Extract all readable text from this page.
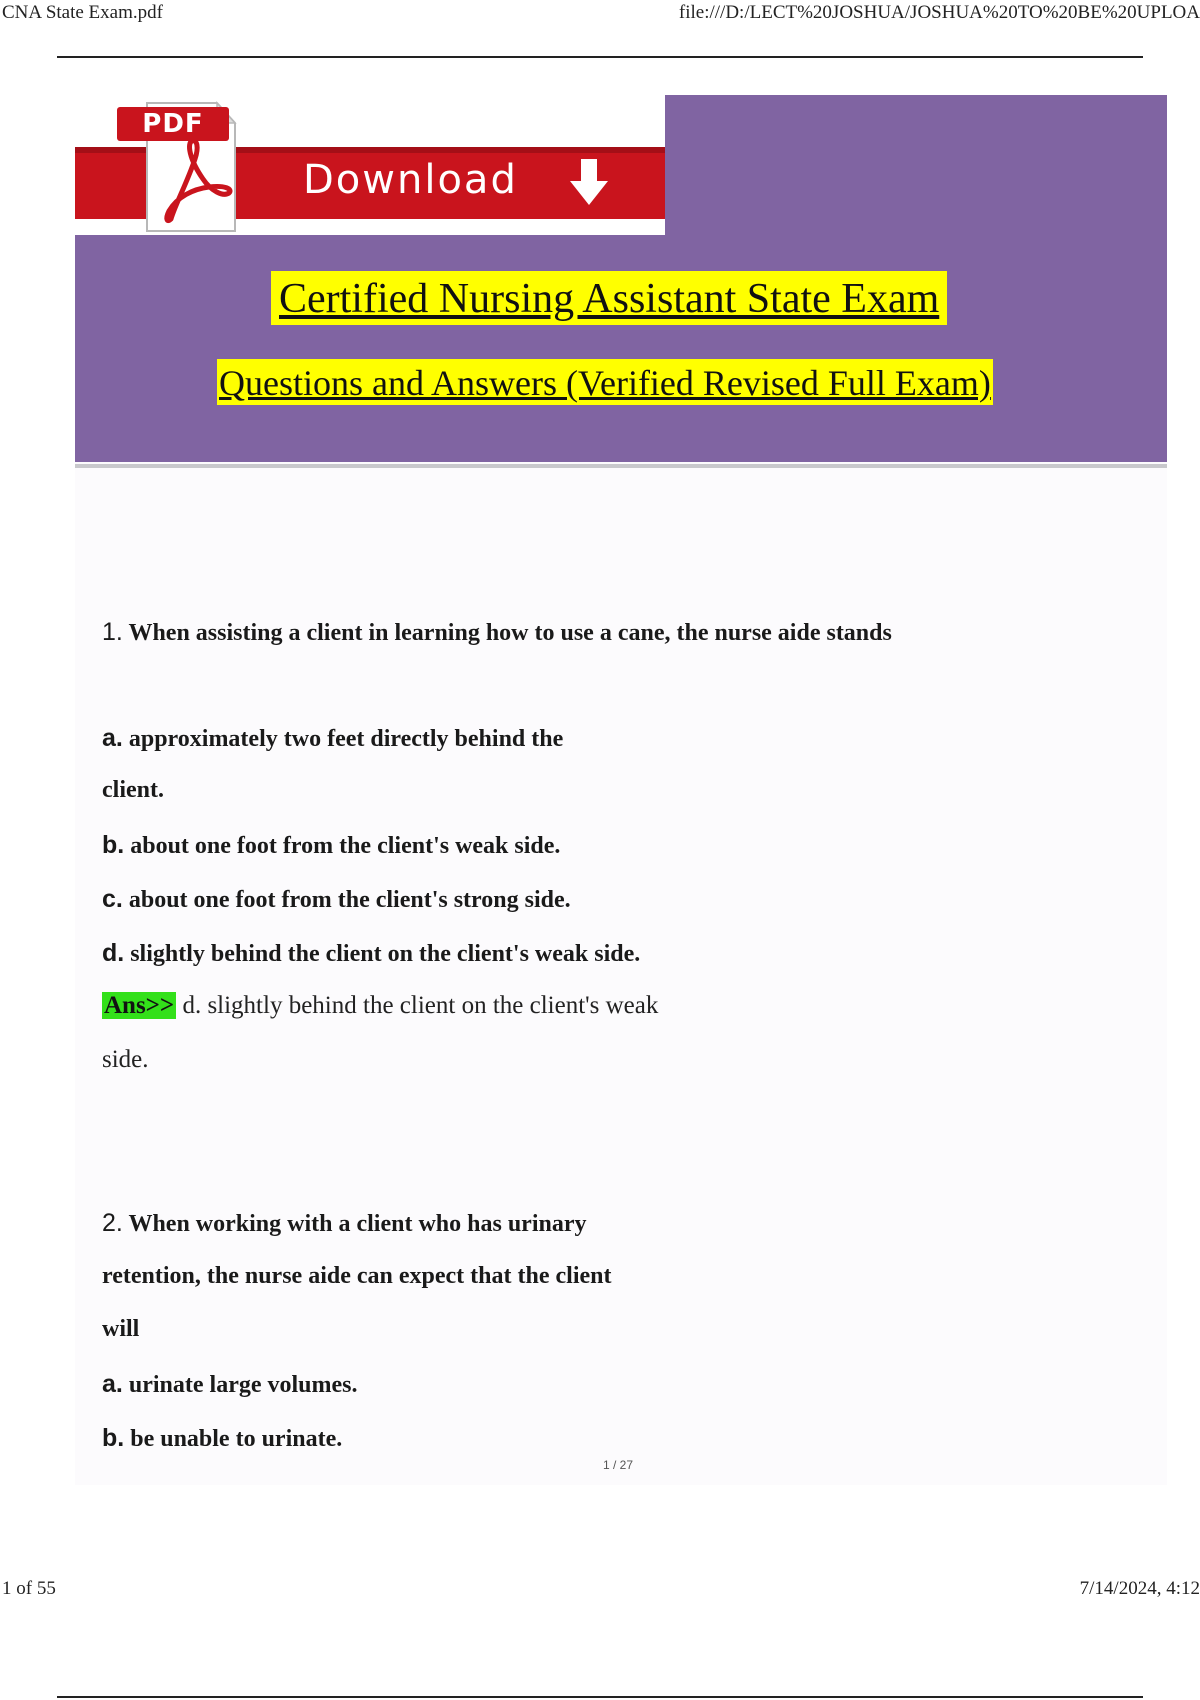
CNA State Exam.pdf	file:///D:/LECT%20JOSHUA/JOSHUA%20TO%20BE%20UPLOA
Download
PDF
Certified Nursing Assistant State Exam
Questions and Answers (Verified Revised Full Exam)
1. When assisting a client in learning how to use a cane, the nurse aide stands
a. approximately two feet directly behind the
client.
b. about one foot from the client's weak side.
c. about one foot from the client's strong side.
d. slightly behind the client on the client's weak side.
Ans>> d. slightly behind the client on the client's weak
side.
2. When working with a client who has urinary
retention, the nurse aide can expect that the client
will
a. urinate large volumes.
b. be unable to urinate.
1 / 27
1 of 55	7/14/2024, 4:12
